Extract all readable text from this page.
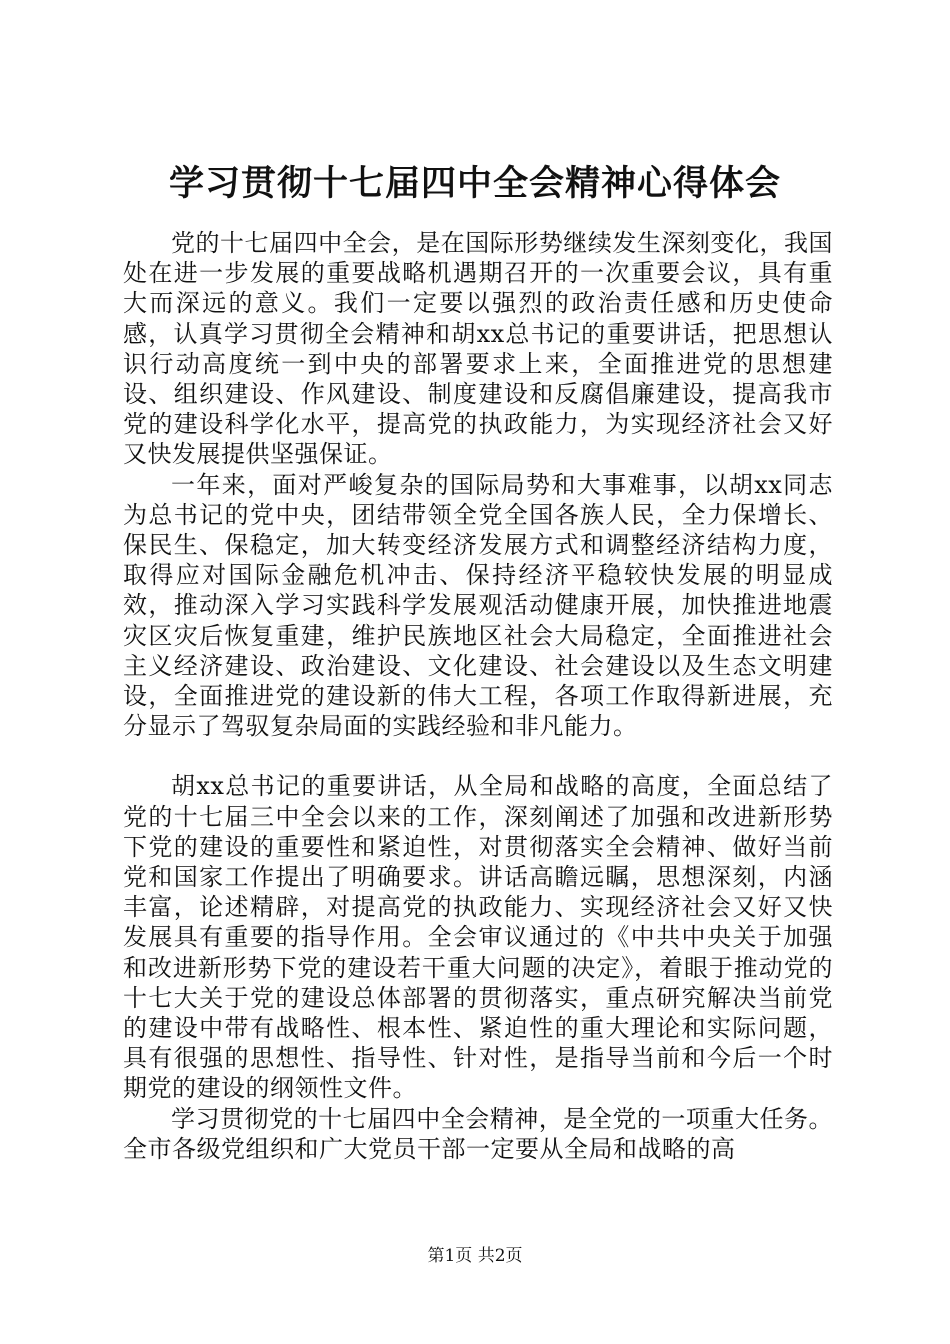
学习贯彻十七届四中全会精神心得体会

党的十七届四中全会，是在国际形势继续发生深刻变化，我国处在进一步发展的重要战略机遇期召开的一次重要会议，具有重大而深远的意义。我们一定要以强烈的政治责任感和历史使命感，认真学习贯彻全会精神和胡xx总书记的重要讲话，把思想认识行动高度统一到中央的部署要求上来，全面推进党的思想建设、组织建设、作风建设、制度建设和反腐倡廉建设，提高我市党的建设科学化水平，提高党的执政能力，为实现经济社会又好又快发展提供坚强保证。

一年来，面对严峻复杂的国际局势和大事难事，以胡xx同志为总书记的党中央，团结带领全党全国各族人民，全力保增长、保民生、保稳定，加大转变经济发展方式和调整经济结构力度，取得应对国际金融危机冲击、保持经济平稳较快发展的明显成效，推动深入学习实践科学发展观活动健康开展，加快推进地震灾区灾后恢复重建，维护民族地区社会大局稳定，全面推进社会主义经济建设、政治建设、文化建设、社会建设以及生态文明建设，全面推进党的建设新的伟大工程，各项工作取得新进展，充分显示了驾驭复杂局面的实践经验和非凡能力。

胡xx总书记的重要讲话，从全局和战略的高度，全面总结了党的十七届三中全会以来的工作，深刻阐述了加强和改进新形势下党的建设的重要性和紧迫性，对贯彻落实全会精神、做好当前党和国家工作提出了明确要求。讲话高瞻远瞩，思想深刻，内涵丰富，论述精辟，对提高党的执政能力、实现经济社会又好又快发展具有重要的指导作用。全会审议通过的《中共中央关于加强和改进新形势下党的建设若干重大问题的决定》，着眼于推动党的十七大关于党的建设总体部署的贯彻落实，重点研究解决当前党的建设中带有战略性、根本性、紧迫性的重大理论和实际问题，具有很强的思想性、指导性、针对性，是指导当前和今后一个时期党的建设的纲领性文件。

学习贯彻党的十七届四中全会精神，是全党的一项重大任务。全市各级党组织和广大党员干部一定要从全局和战略的高

第1页 共2页
